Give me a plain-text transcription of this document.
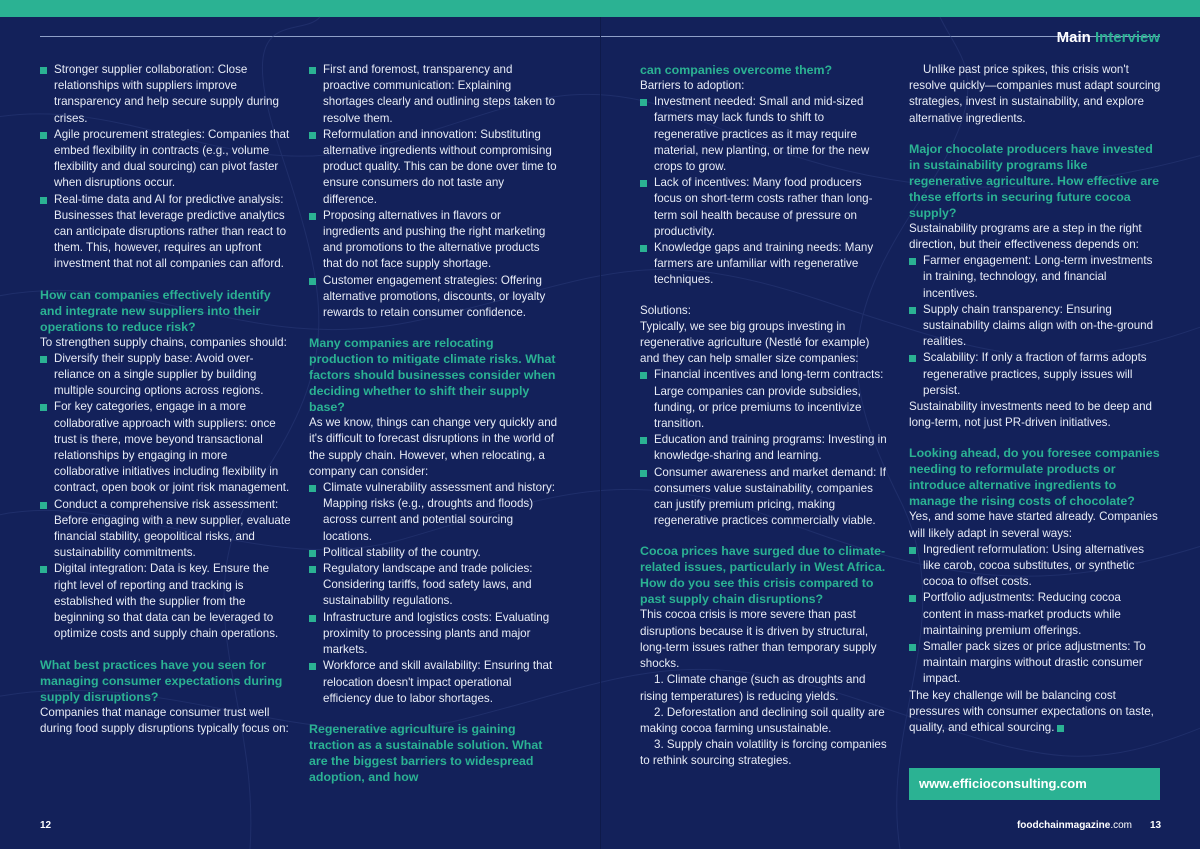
Main Interview
Stronger supplier collaboration: Close relationships with suppliers improve transparency and help secure supply during crises.
Agile procurement strategies: Companies that embed flexibility in contracts (e.g., volume flexibility and dual sourcing) can pivot faster when disruptions occur.
Real-time data and AI for predictive analysis: Businesses that leverage predictive analytics can anticipate disruptions rather than react to them. This, however, requires an upfront investment that not all companies can afford.

How can companies effectively identify and integrate new suppliers into their operations to reduce risk?

To strengthen supply chains, companies should:

Diversify their supply base: Avoid over-reliance on a single supplier by building multiple sourcing options across regions.
For key categories, engage in a more collaborative approach with suppliers: once trust is there, move beyond transactional relationships by engaging in more collaborative initiatives including flexibility in contract, open book or joint risk management.
Conduct a comprehensive risk assessment: Before engaging with a new supplier, evaluate financial stability, geopolitical risks, and sustainability commitments.
Digital integration: Data is key. Ensure the right level of reporting and tracking is established with the supplier from the beginning so that data can be leveraged to optimize costs and supply chain operations.

What best practices have you seen for managing consumer expectations during supply disruptions?

Companies that manage consumer trust well during food supply disruptions typically focus on:

First and foremost, transparency and proactive communication: Explaining shortages clearly and outlining steps taken to resolve them.
Reformulation and innovation: Substituting alternative ingredients without compromising product quality. This can be done over time to ensure consumers do not taste any difference.
Proposing alternatives in flavors or ingredients and pushing the right marketing and promotions to the alternative products that do not face supply shortage.
Customer engagement strategies: Offering alternative promotions, discounts, or loyalty rewards to retain consumer confidence.

Many companies are relocating production to mitigate climate risks. What factors should businesses consider when deciding whether to shift their supply base?

As we know, things can change very quickly and it's difficult to forecast disruptions in the world of the supply chain. However, when relocating, a company can consider:

Climate vulnerability assessment and history: Mapping risks (e.g., droughts and floods) across current and potential sourcing locations.
Political stability of the country.
Regulatory landscape and trade policies: Considering tariffs, food safety laws, and sustainability regulations.
Infrastructure and logistics costs: Evaluating proximity to processing plants and major markets.
Workforce and skill availability: Ensuring that relocation doesn't impact operational efficiency due to labor shortages.

Regenerative agriculture is gaining traction as a sustainable solution. What are the biggest barriers to widespread adoption, and how

can companies overcome them?

Barriers to adoption:

Investment needed: Small and mid-sized farmers may lack funds to shift to regenerative practices as it may require material, new planting, or time for the new crops to grow.
Lack of incentives: Many food producers focus on short-term costs rather than long-term soil health because of pressure on productivity.
Knowledge gaps and training needs: Many farmers are unfamiliar with regenerative techniques.

Solutions:

Typically, we see big groups investing in regenerative agriculture (Nestlé for example) and they can help smaller size companies:

Financial incentives and long-term contracts: Large companies can provide subsidies, funding, or price premiums to incentivize transition.
Education and training programs: Investing in knowledge-sharing and learning.
Consumer awareness and market demand: If consumers value sustainability, companies can justify premium pricing, making regenerative practices commercially viable.

Cocoa prices have surged due to climate-related issues, particularly in West Africa. How do you see this crisis compared to past supply chain disruptions?

This cocoa crisis is more severe than past disruptions because it is driven by structural, long-term issues rather than temporary supply shocks.

1. Climate change (such as droughts and rising temperatures) is reducing yields.

2. Deforestation and declining soil quality are making cocoa farming unsustainable.

3. Supply chain volatility is forcing companies to rethink sourcing strategies.

Unlike past price spikes, this crisis won't resolve quickly—companies must adapt sourcing strategies, invest in sustainability, and explore alternative ingredients.

Major chocolate producers have invested in sustainability programs like regenerative agriculture. How effective are these efforts in securing future cocoa supply?

Sustainability programs are a step in the right direction, but their effectiveness depends on:

Farmer engagement: Long-term investments in training, technology, and financial incentives.
Supply chain transparency: Ensuring sustainability claims align with on-the-ground realities.
Scalability: If only a fraction of farms adopts regenerative practices, supply issues will persist.

Sustainability investments need to be deep and long-term, not just PR-driven initiatives.

Looking ahead, do you foresee companies needing to reformulate products or introduce alternative ingredients to manage the rising costs of chocolate?

Yes, and some have started already. Companies will likely adapt in several ways:

Ingredient reformulation: Using alternatives like carob, cocoa substitutes, or synthetic cocoa to offset costs.
Portfolio adjustments: Reducing cocoa content in mass-market products while maintaining premium offerings.
Smaller pack sizes or price adjustments: To maintain margins without drastic consumer impact.

The key challenge will be balancing cost pressures with consumer expectations on taste, quality, and ethical sourcing.

www.efficioconsulting.com
12	foodchainmagazine.com 13
